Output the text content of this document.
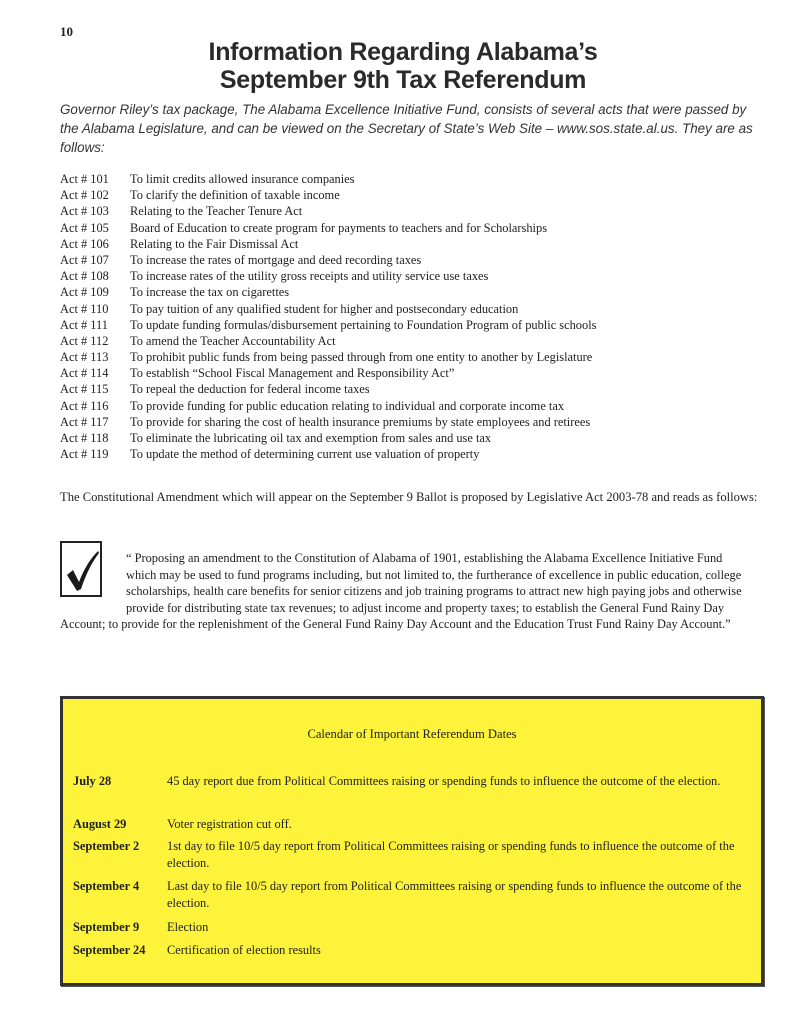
10
Information Regarding Alabama’s
September 9th Tax Referendum
Governor Riley’s tax package, The Alabama Excellence Initiative Fund, consists of several acts that were passed by the Alabama Legislature, and can be viewed on the Secretary of State’s Web Site – www.sos.state.al.us. They are as follows:
Act # 101	To limit credits allowed insurance companies
Act # 102	To clarify the definition of taxable income
Act # 103	Relating to the Teacher Tenure Act
Act # 105	Board of Education to create program for payments to teachers and for Scholarships
Act # 106	Relating to the Fair Dismissal Act
Act # 107	To increase the rates of mortgage and deed recording taxes
Act # 108	To increase rates of the utility gross receipts and utility service use taxes
Act # 109	To increase the tax on cigarettes
Act # 110	To pay tuition of any qualified student for higher and postsecondary education
Act # 111	To update funding formulas/disbursement pertaining to Foundation Program of public schools
Act # 112	To amend the Teacher Accountability Act
Act # 113	To prohibit public funds from being passed through from one entity to another by Legislature
Act # 114	To establish “School Fiscal Management and Responsibility Act”
Act # 115	To repeal the deduction for federal income taxes
Act # 116	To provide funding for public education relating to individual and corporate income tax
Act # 117	To provide for sharing the cost of health insurance premiums by state employees and retirees
Act # 118	To eliminate the lubricating oil tax and exemption from sales and use tax
Act # 119	To update the method of determining current use valuation of property
The Constitutional Amendment which will appear on the September 9 Ballot is proposed by Legislative Act 2003-78 and reads as follows:
“ Proposing an amendment to the Constitution of Alabama of 1901, establishing the Alabama Excellence Initiative Fund which may be used to fund programs including, but not limited to, the furtherance of excellence in public education, college scholarships, health care benefits for senior citizens and job training programs to attract new high paying jobs and otherwise provide for distributing state tax revenues; to adjust income and property taxes; to establish the General Fund Rainy Day Account; to provide for the replenishment of the General Fund Rainy Day Account and the Education Trust Fund Rainy Day Account.”
Calendar of Important Referendum Dates
July 28	45 day report due from Political Committees raising or spending funds to influence the outcome of the election.
August 29	Voter registration cut off.
September 2	1st day to file 10/5 day report from Political Committees raising or spending funds to influence the outcome of the election.
September 4	Last day to file 10/5 day report from Political Committees raising or spending funds to influence the outcome of the election.
September 9	Election
September 24	Certification of election results
